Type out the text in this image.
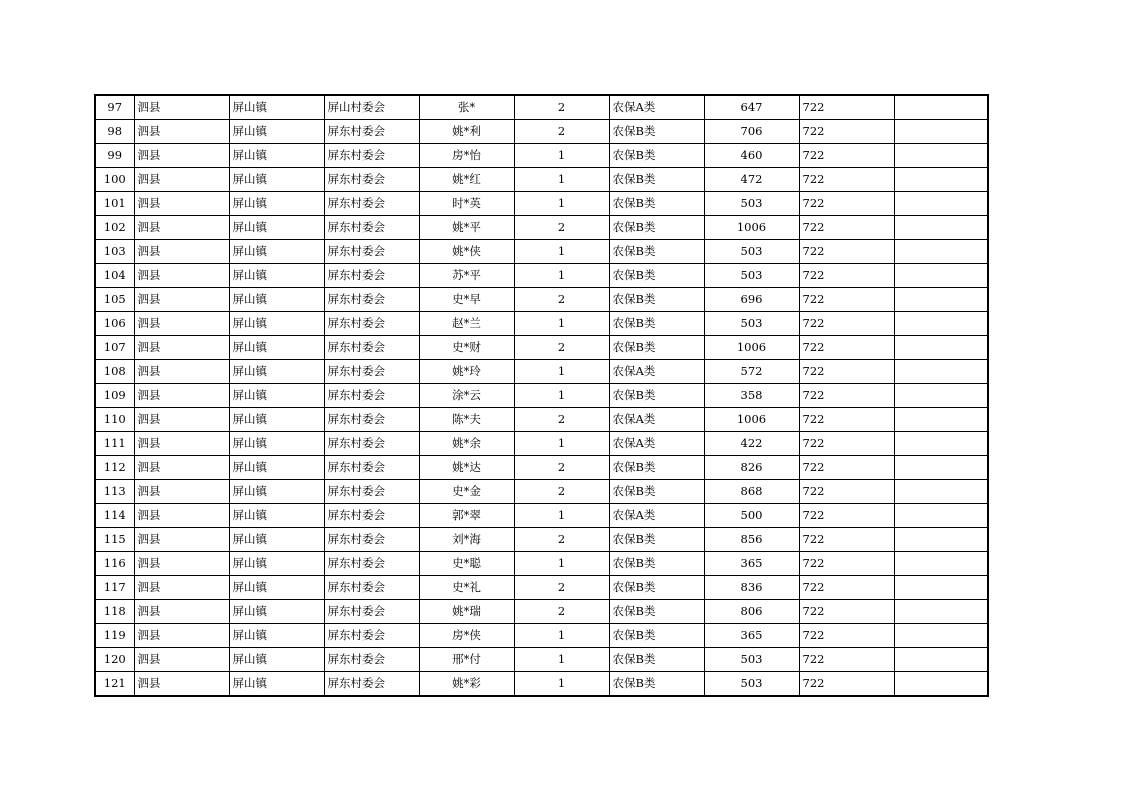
97	泗县	屏山镇	屏山村委会	张*	2	农保A类	647	722	
98	泗县	屏山镇	屏东村委会	姚*利	2	农保B类	706	722	
99	泗县	屏山镇	屏东村委会	房*怡	1	农保B类	460	722	
100	泗县	屏山镇	屏东村委会	姚*红	1	农保B类	472	722	
101	泗县	屏山镇	屏东村委会	时*英	1	农保B类	503	722	
102	泗县	屏山镇	屏东村委会	姚*平	2	农保B类	1006	722	
103	泗县	屏山镇	屏东村委会	姚*侠	1	农保B类	503	722	
104	泗县	屏山镇	屏东村委会	苏*平	1	农保B类	503	722	
105	泗县	屏山镇	屏东村委会	史*早	2	农保B类	696	722	
106	泗县	屏山镇	屏东村委会	赵*兰	1	农保B类	503	722	
107	泗县	屏山镇	屏东村委会	史*财	2	农保B类	1006	722	
108	泗县	屏山镇	屏东村委会	姚*玲	1	农保A类	572	722	
109	泗县	屏山镇	屏东村委会	涂*云	1	农保B类	358	722	
110	泗县	屏山镇	屏东村委会	陈*夫	2	农保A类	1006	722	
111	泗县	屏山镇	屏东村委会	姚*余	1	农保A类	422	722	
112	泗县	屏山镇	屏东村委会	姚*达	2	农保B类	826	722	
113	泗县	屏山镇	屏东村委会	史*金	2	农保B类	868	722	
114	泗县	屏山镇	屏东村委会	郭*翠	1	农保A类	500	722	
115	泗县	屏山镇	屏东村委会	刘*海	2	农保B类	856	722	
116	泗县	屏山镇	屏东村委会	史*聪	1	农保B类	365	722	
117	泗县	屏山镇	屏东村委会	史*礼	2	农保B类	836	722	
118	泗县	屏山镇	屏东村委会	姚*瑞	2	农保B类	806	722	
119	泗县	屏山镇	屏东村委会	房*侠	1	农保B类	365	722	
120	泗县	屏山镇	屏东村委会	邢*付	1	农保B类	503	722	
121	泗县	屏山镇	屏东村委会	姚*彩	1	农保B类	503	722	
